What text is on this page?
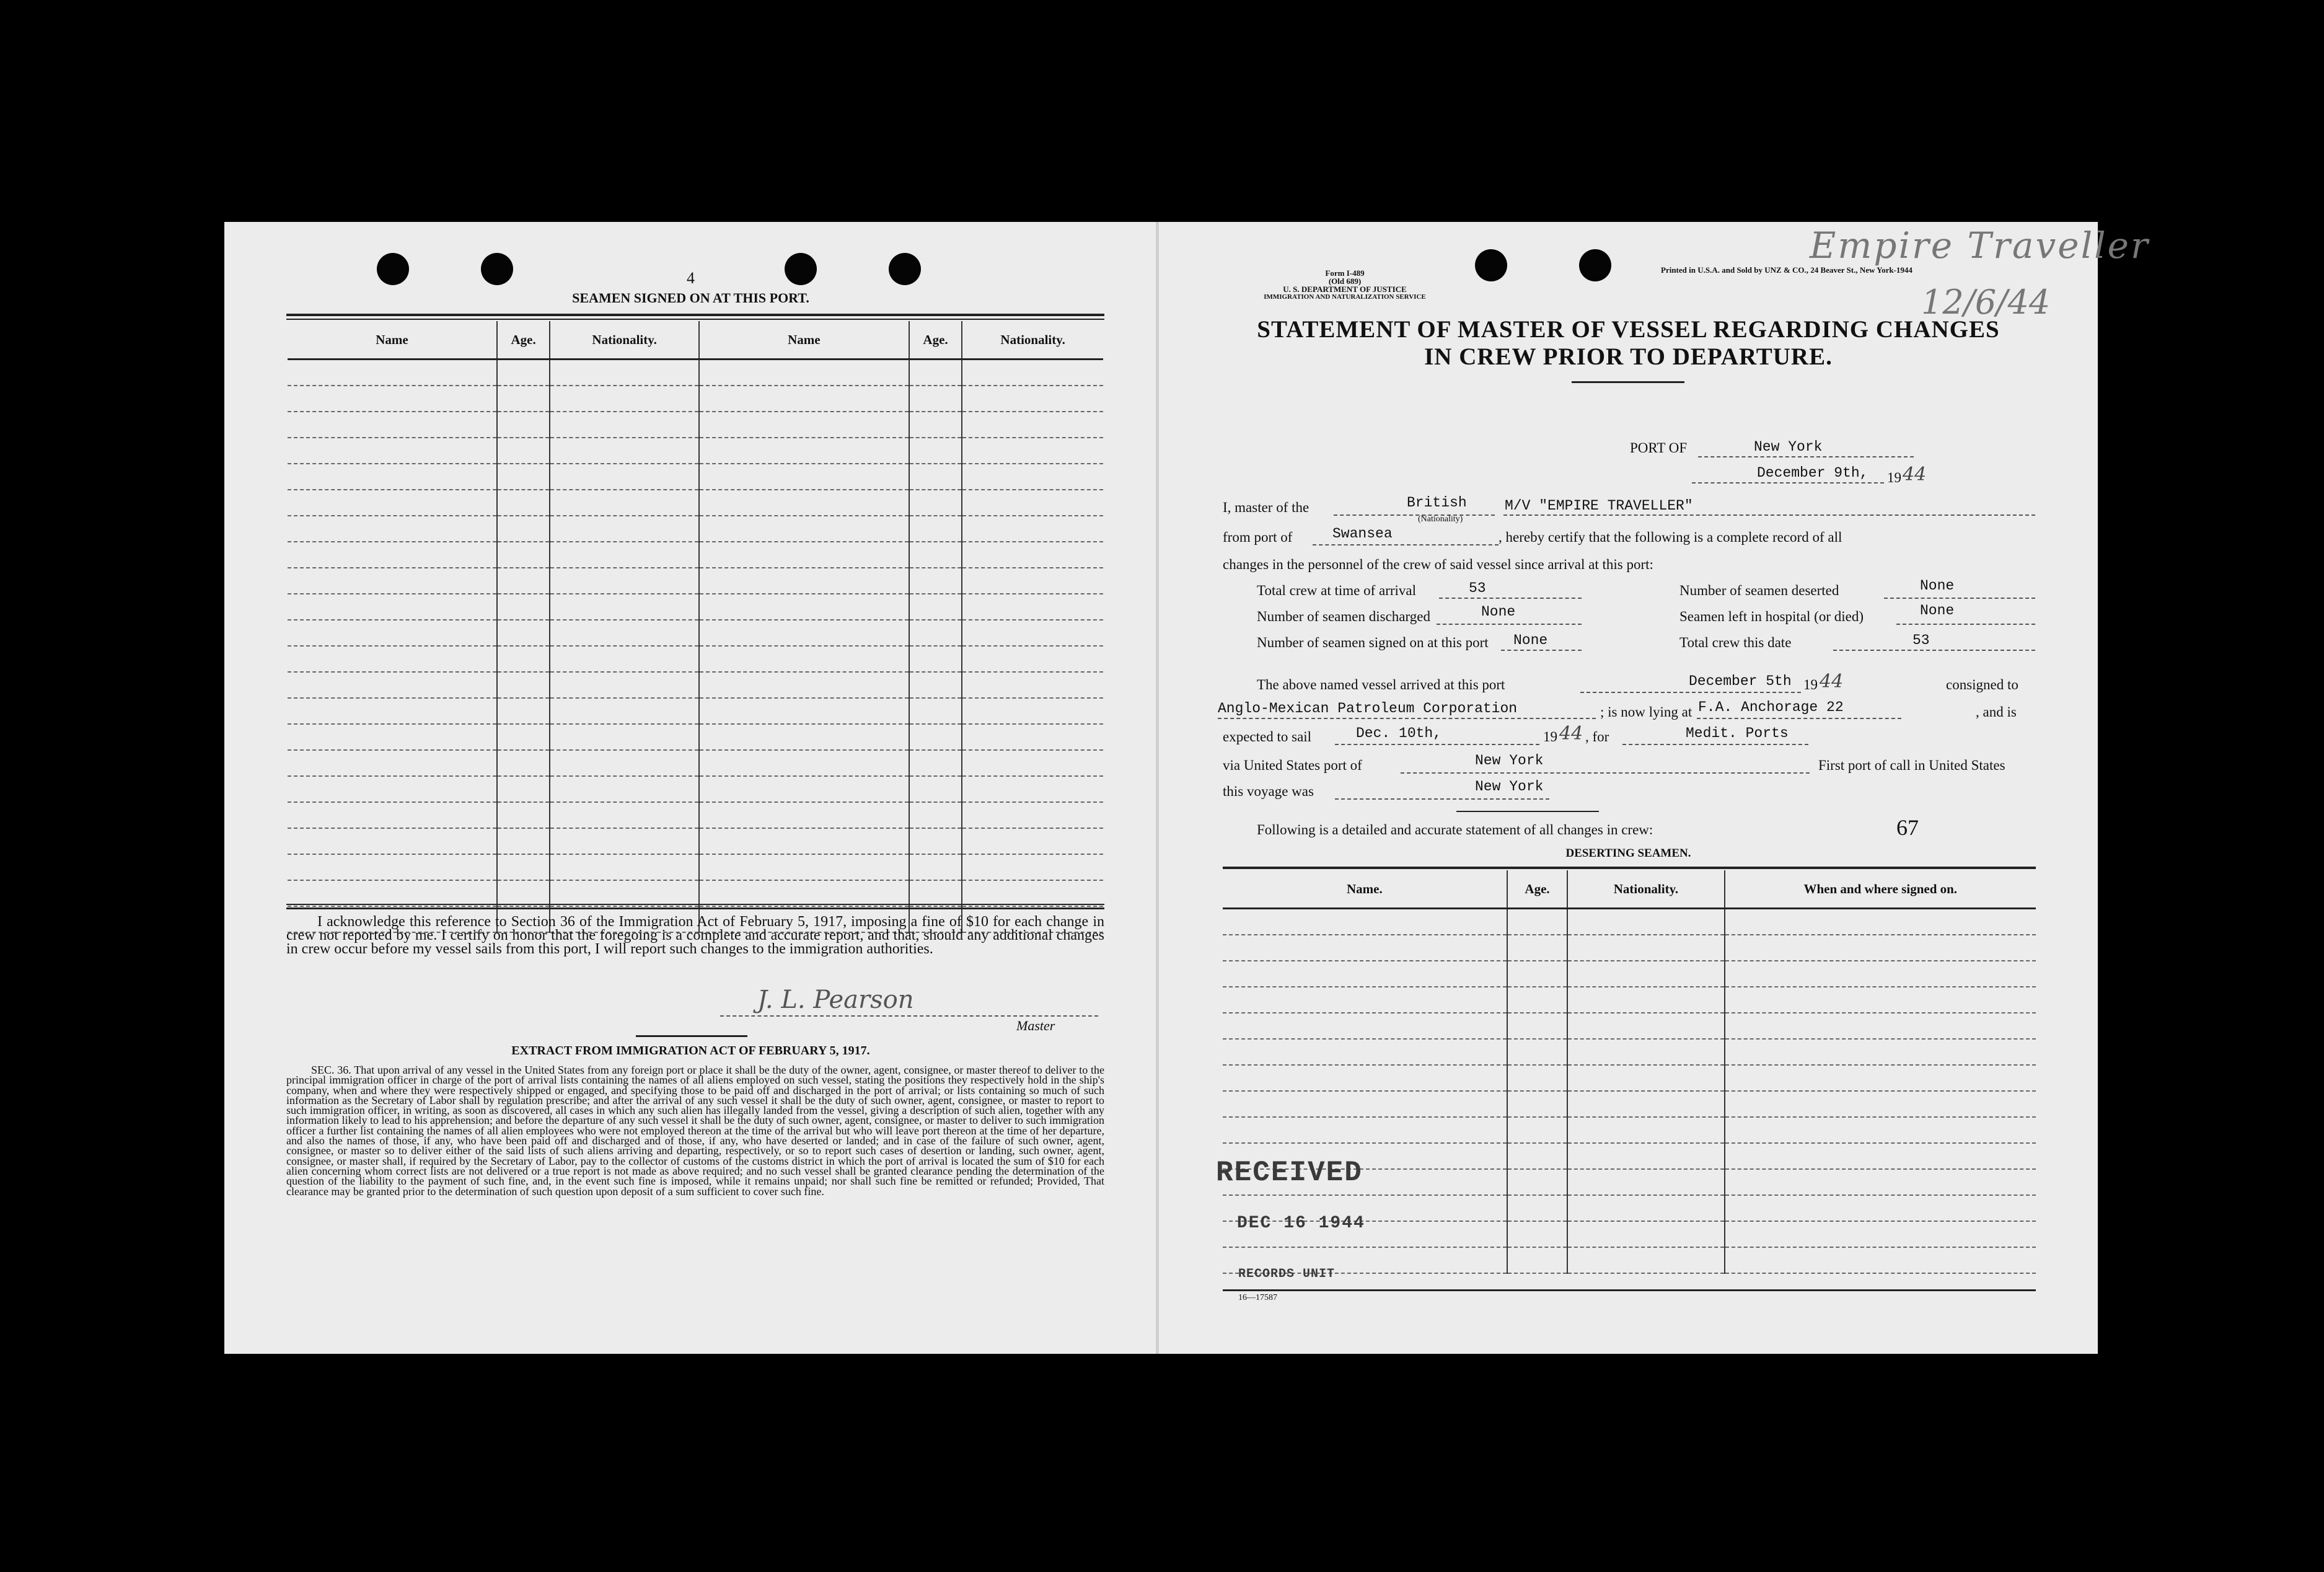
4
SEAMEN SIGNED ON AT THIS PORT.
Name	Age.	Nationality.	Name	Age.	Nationality.

I acknowledge this reference to Section 36 of the Immigration Act of February 5, 1917, imposing a fine of $10 for each change in crew not reported by me. I certify on honor that the foregoing is a complete and accurate report, and that, should any additional changes in crew occur before my vessel sails from this port, I will report such changes to the immigration authorities.
J. L. Pearson
Master
EXTRACT FROM IMMIGRATION ACT OF FEBRUARY 5, 1917.
SEC. 36. That upon arrival of any vessel in the United States from any foreign port or place it shall be the duty of the owner, agent, consignee, or master thereof to deliver to the principal immigration officer in charge of the port of arrival lists containing the names of all aliens employed on such vessel, stating the positions they respectively hold in the ship's company, when and where they were respectively shipped or engaged, and specifying those to be paid off and discharged in the port of arrival; or lists containing so much of such information as the Secretary of Labor shall by regulation prescribe; and after the arrival of any such vessel it shall be the duty of such owner, agent, consignee, or master to report to such immigration officer, in writing, as soon as discovered, all cases in which any such alien has illegally landed from the vessel, giving a description of such alien, together with any information likely to lead to his apprehension; and before the departure of any such vessel it shall be the duty of such owner, agent, consignee, or master to deliver to such immigration officer a further list containing the names of all alien employees who were not employed thereon at the time of the arrival but who will leave port thereon at the time of her departure, and also the names of those, if any, who have been paid off and discharged and of those, if any, who have deserted or landed; and in case of the failure of such owner, agent, consignee, or master so to deliver either of the said lists of such aliens arriving and departing, respectively, or so to report such cases of desertion or landing, such owner, agent, consignee, or master shall, if required by the Secretary of Labor, pay to the collector of customs of the customs district in which the port of arrival is located the sum of $10 for each alien concerning whom correct lists are not delivered or a true report is not made as above required; and no such vessel shall be granted clearance pending the determination of the question of the liability to the payment of such fine, and, in the event such fine is imposed, while it remains unpaid; nor shall such fine be remitted or refunded; Provided, That clearance may be granted prior to the determination of such question upon deposit of a sum sufficient to cover such fine.
Form I-489
(Old 689)
U. S. DEPARTMENT OF JUSTICE
IMMIGRATION AND NATURALIZATION SERVICE
Printed in U.S.A. and Sold by UNZ & CO., 24 Beaver St., New York-1944
Empire Traveller
12/6/44
STATEMENT OF MASTER OF VESSEL REGARDING CHANGES
IN CREW PRIOR TO DEPARTURE.
PORT OF	New York
December 9th, 19 44
I, master of the	British
(Nationality)
M/V "EMPIRE TRAVELLER"
from port of	Swansea	, hereby certify that the following is a complete record of all
changes in the personnel of the crew of said vessel since arrival at this port:
Total crew at time of arrival	53	Number of seamen deserted	None
Number of seamen discharged	None	Seamen left in hospital (or died)	None
Number of seamen signed on at this port None	Total crew this date	53
The above named vessel arrived at this port	December 5th 19 44	consigned to
Anglo-Mexican Patroleum Corporation	; is now lying at F.A. Anchorage 22	, and is
expected to sail	Dec. 10th,	19 44 , for	Medit. Ports
via United States port of	New York	First port of call in United States
this voyage was	New York
Following is a detailed and accurate statement of all changes in crew:	67
DESERTING SEAMEN.
Name.	Age.	Nationality.	When and where signed on.

RECEIVED
DEC 16 1944
RECORDS UNIT
16—17587
